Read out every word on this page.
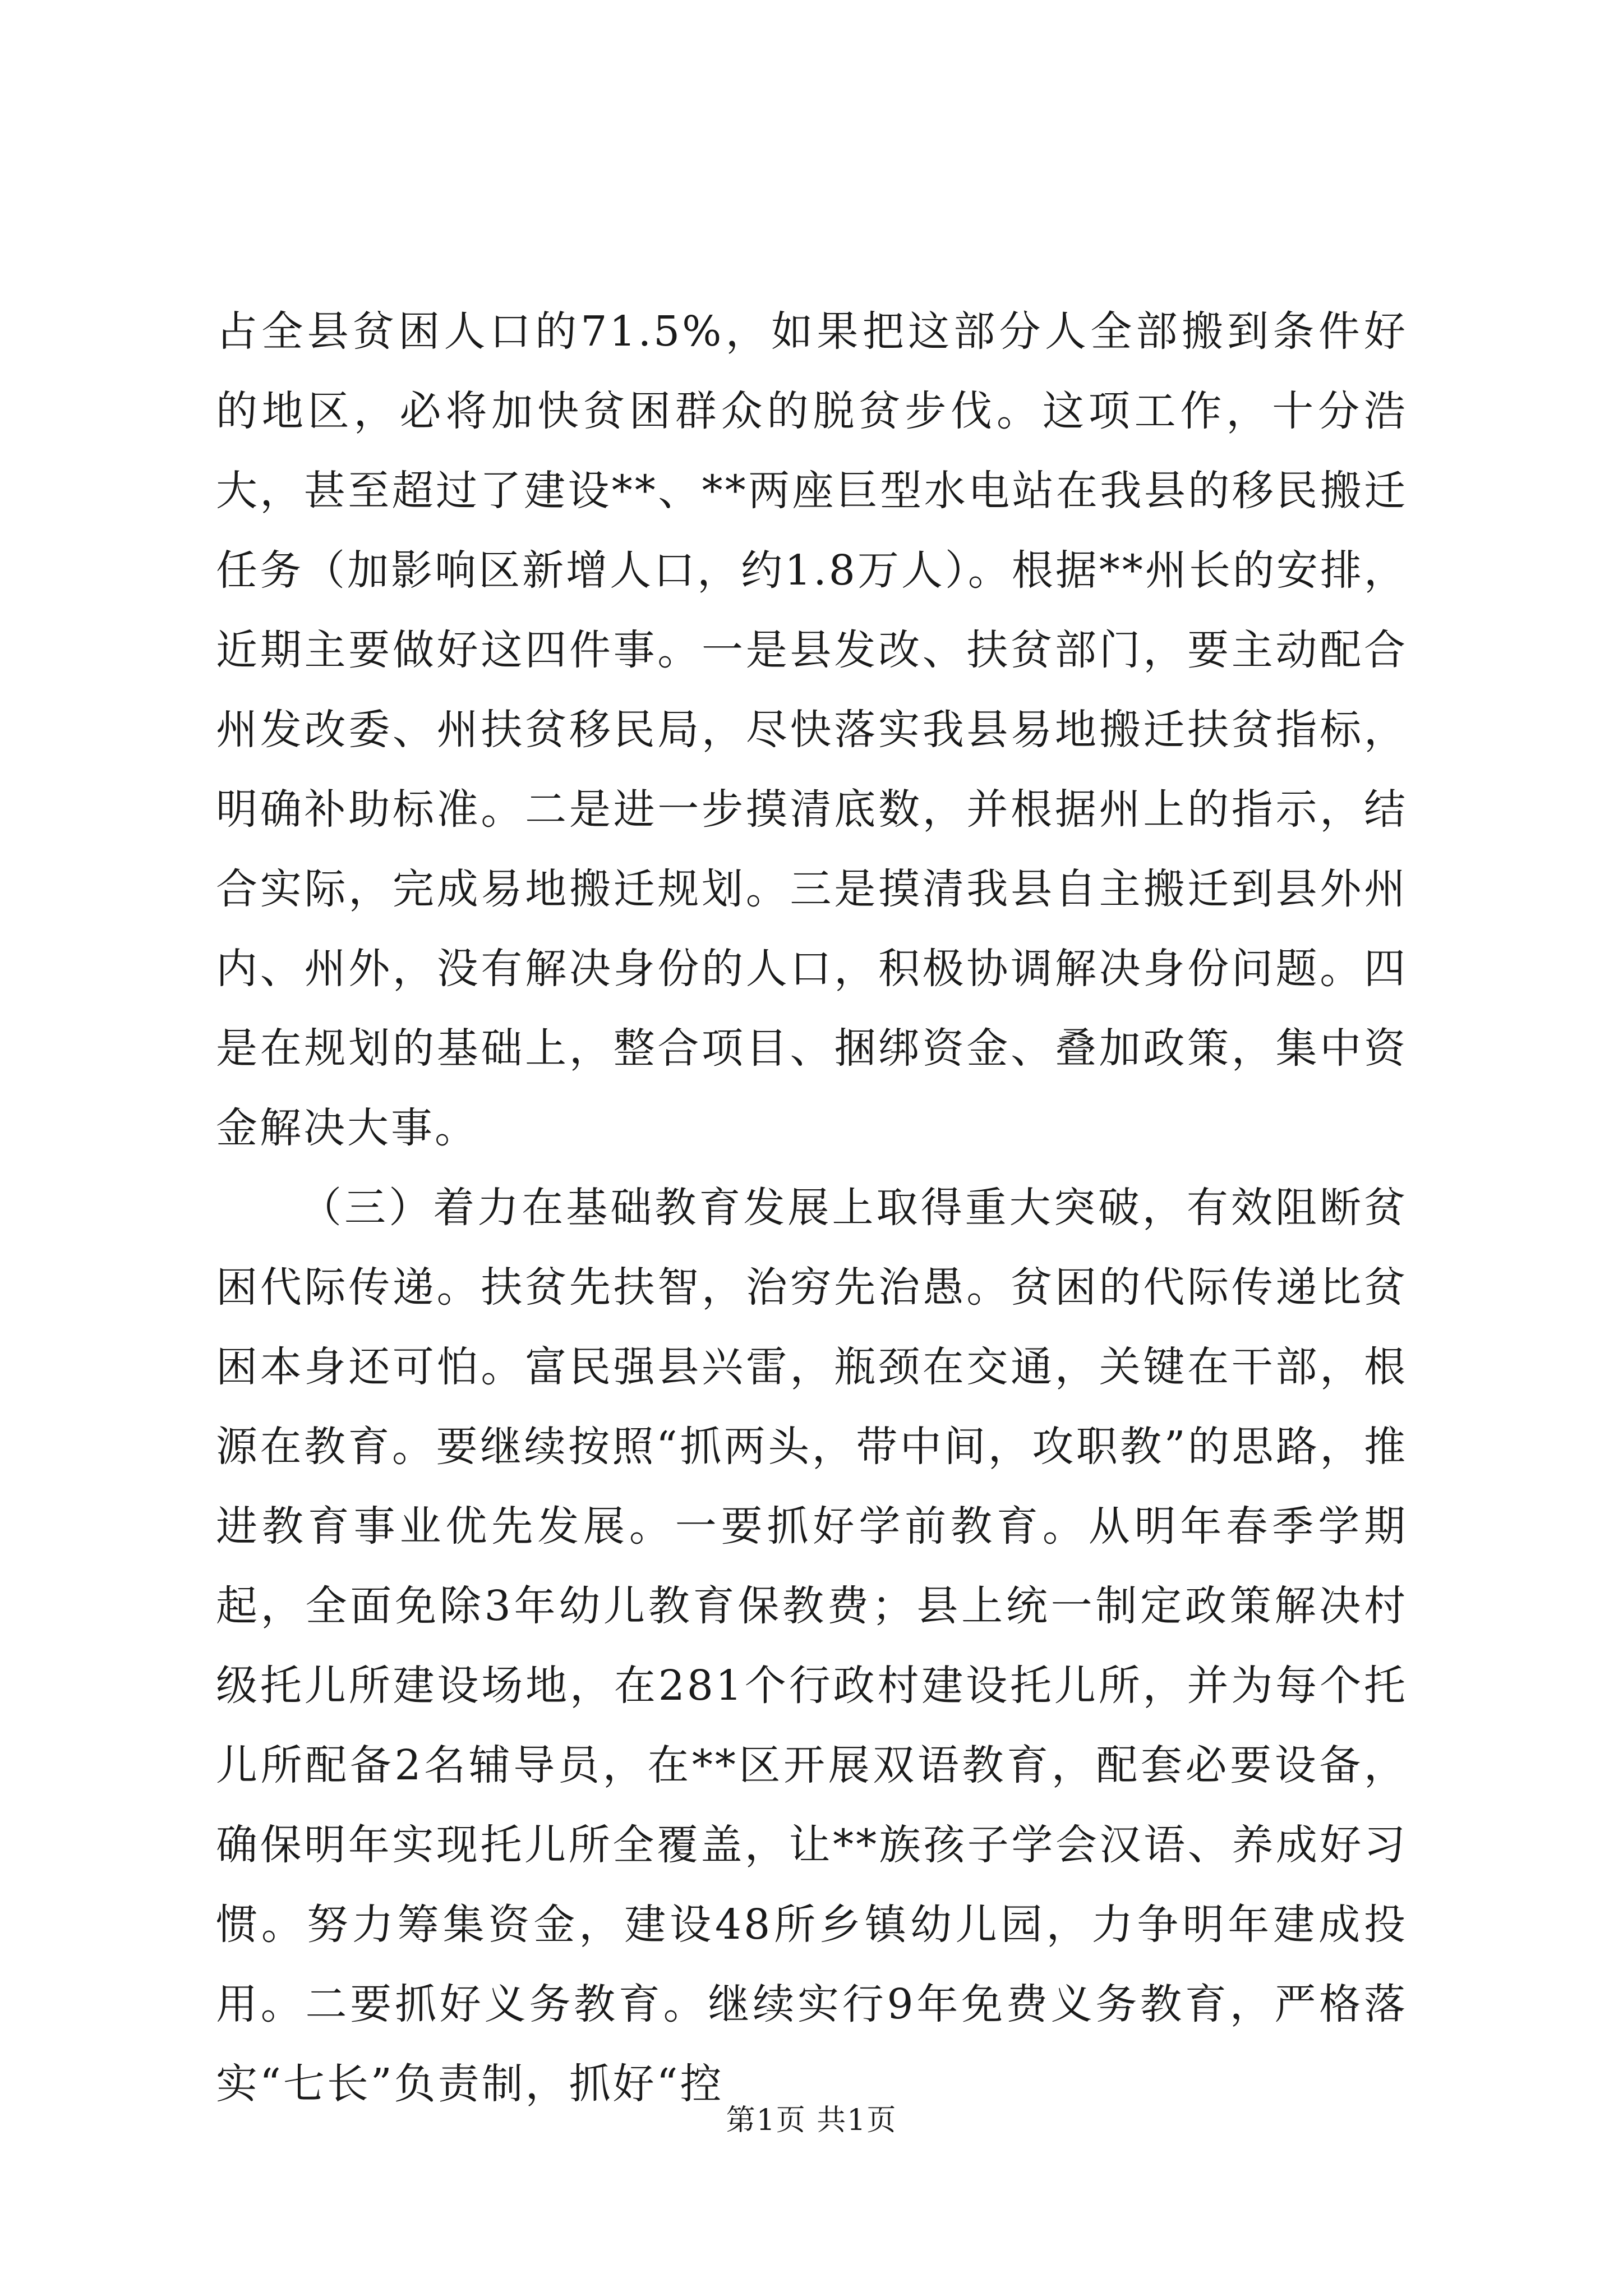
占全县贫困人口的71.5%，如果把这部分人全部搬到条件好的地区，必将加快贫困群众的脱贫步伐。这项工作，十分浩大，甚至超过了建设**、**两座巨型水电站在我县的移民搬迁任务（加影响区新增人口，约1.8万人）。根据**州长的安排，近期主要做好这四件事。一是县发改、扶贫部门，要主动配合州发改委、州扶贫移民局，尽快落实我县易地搬迁扶贫指标，明确补助标准。二是进一步摸清底数，并根据州上的指示，结合实际，完成易地搬迁规划。三是摸清我县自主搬迁到县外州内、州外，没有解决身份的人口，积极协调解决身份问题。四是在规划的基础上，整合项目、捆绑资金、叠加政策，集中资金解决大事。

（三）着力在基础教育发展上取得重大突破，有效阻断贫困代际传递。扶贫先扶智，治穷先治愚。贫困的代际传递比贫困本身还可怕。富民强县兴雷，瓶颈在交通，关键在干部，根源在教育。要继续按照“抓两头，带中间，攻职教”的思路，推进教育事业优先发展。一要抓好学前教育。从明年春季学期起，全面免除3年幼儿教育保教费；县上统一制定政策解决村级托儿所建设场地，在281个行政村建设托儿所，并为每个托儿所配备2名辅导员，在**区开展双语教育，配套必要设备，确保明年实现托儿所全覆盖，让**族孩子学会汉语、养成好习惯。努力筹集资金，建设48所乡镇幼儿园，力争明年建成投用。二要抓好义务教育。继续实行9年免费义务教育，严格落实“七长”负责制，抓好“控

第1页 共1页
